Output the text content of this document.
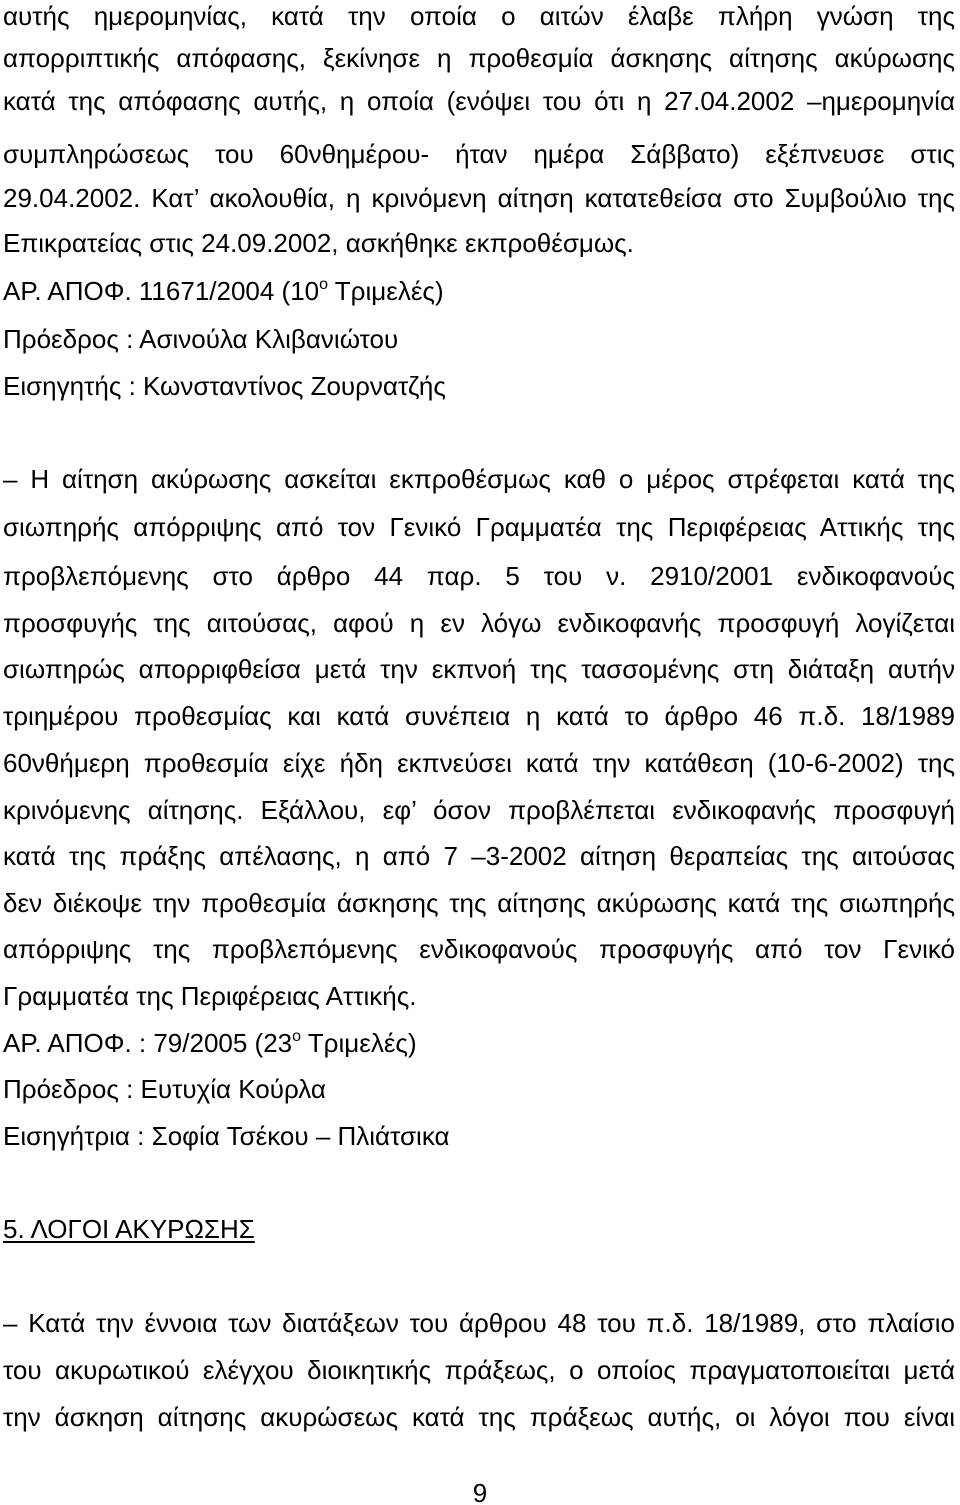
αυτής ημερομηνίας, κατά την οποία ο αιτών έλαβε πλήρη γνώση της
απορριπτικής απόφασης, ξεκίνησε η προθεσμία άσκησης αίτησης ακύρωσης
κατά της απόφασης αυτής, η οποία (ενόψει του ότι η 27.04.2002 –ημερομηνία
συμπληρώσεως του 60νθημέρου- ήταν ημέρα Σάββατο) εξέπνευσε στις
29.04.2002. Κατ’ ακολουθία, η κρινόμενη αίτηση κατατεθείσα στο Συμβούλιο της
Επικρατείας στις 24.09.2002, ασκήθηκε εκπροθέσμως.
ΑΡ. ΑΠΟΦ. 11671/2004 ($10^o$ Τριμελές)
Πρόεδρος : Ασινούλα Κλιβανιώτου
Εισηγητής : Κωνσταντίνος Ζουρνατζής
– Η αίτηση ακύρωσης ασκείται εκπροθέσμως καθ ο μέρος στρέφεται κατά της
σιωπηρής απόρριψης από τον Γενικό Γραμματέα της Περιφέρειας Αττικής της
προβλεπόμενης στο άρθρο 44 παρ. 5 του ν. 2910/2001 ενδικοφανούς
προσφυγής της αιτούσας, αφού η εν λόγω ενδικοφανής προσφυγή λογίζεται
σιωπηρώς απορριφθείσα μετά την εκπνοή της τασσομένης στη διάταξη αυτήν
τριημέρου προθεσμίας και κατά συνέπεια η κατά το άρθρο 46 π.δ. 18/1989
60νθήμερη προθεσμία είχε ήδη εκπνεύσει κατά την κατάθεση (10-6-2002) της
κρινόμενης αίτησης. Εξάλλου, εφ’ όσον προβλέπεται ενδικοφανής προσφυγή
κατά της πράξης απέλασης, η από 7 –3-2002 αίτηση θεραπείας της αιτούσας
δεν διέκοψε την προθεσμία άσκησης της αίτησης ακύρωσης κατά της σιωπηρής
απόρριψης της προβλεπόμενης ενδικοφανούς προσφυγής από τον Γενικό
Γραμματέα της Περιφέρειας Αττικής.
ΑΡ. ΑΠΟΦ. : 79/2005 ($23^o$ Τριμελές)
Πρόεδρος : Ευτυχία Κούρλα
Εισηγήτρια : Σοφία Τσέκου – Πλιάτσικα
5. ΛΟΓΟΙ ΑΚΥΡΩΣΗΣ
– Κατά την έννοια των διατάξεων του άρθρου 48 του π.δ. 18/1989, στο πλαίσιο
του ακυρωτικού ελέγχου διοικητικής πράξεως, ο οποίος πραγματοποιείται μετά
την άσκηση αίτησης ακυρώσεως κατά της πράξεως αυτής, οι λόγοι που είναι
9
